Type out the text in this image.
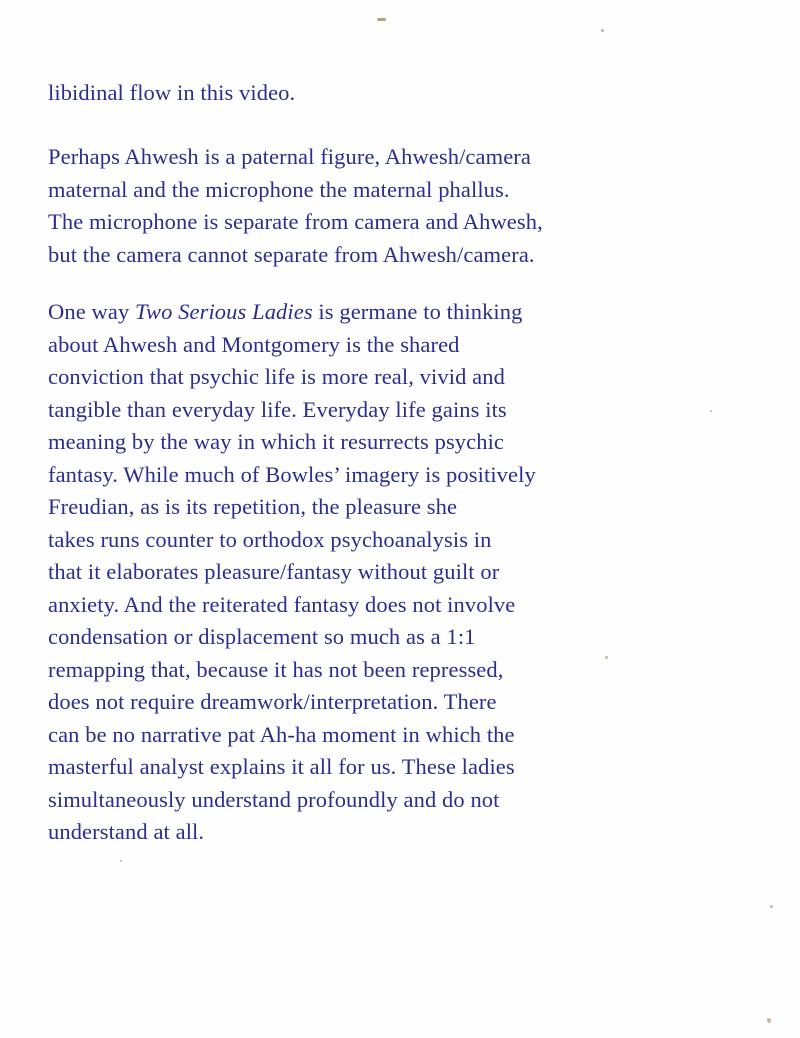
libidinal flow in this video.
Perhaps Ahwesh is a paternal figure, Ahwesh/camera
maternal and the microphone the maternal phallus.
The microphone is separate from camera and Ahwesh,
but the camera cannot separate from Ahwesh/camera.
One way Two Serious Ladies is germane to thinking
about Ahwesh and Montgomery is the shared
conviction that psychic life is more real, vivid and
tangible than everyday life. Everyday life gains its
meaning by the way in which it resurrects psychic
fantasy. While much of Bowles’ imagery is positively
Freudian, as is its repetition, the pleasure she
takes runs counter to orthodox psychoanalysis in
that it elaborates pleasure/fantasy without guilt or
anxiety. And the reiterated fantasy does not involve
condensation or displacement so much as a 1:1
remapping that, because it has not been repressed,
does not require dreamwork/interpretation. There
can be no narrative pat Ah-ha moment in which the
masterful analyst explains it all for us. These ladies
simultaneously understand profoundly and do not
understand at all.
